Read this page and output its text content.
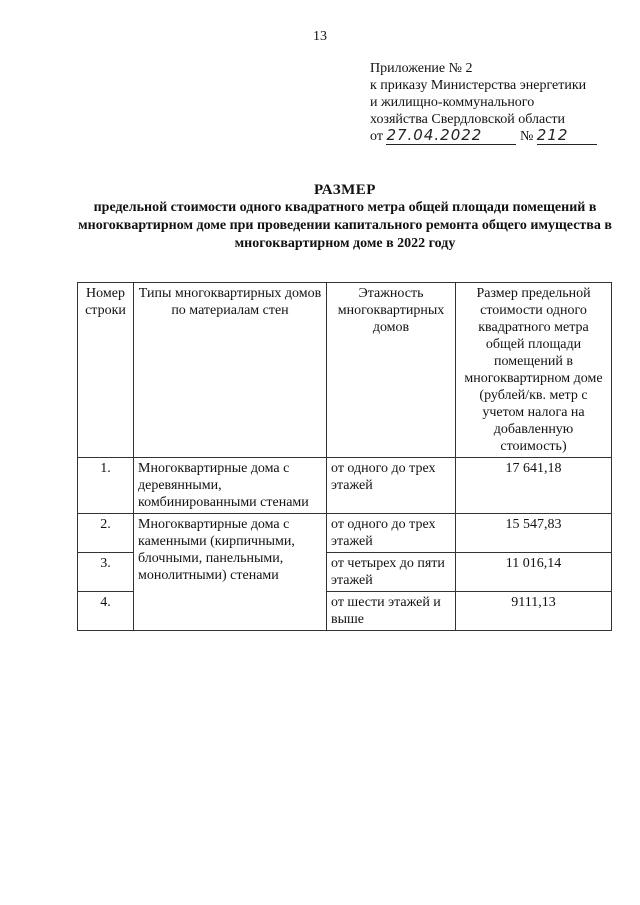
13
Приложение № 2
к приказу Министерства энергетики
и жилищно-коммунального
хозяйства Свердловской области
от 27.04.2022	№ 212
РАЗМЕР
предельной стоимости одного квадратного метра общей площади помещений в многоквартирном доме при проведении капитального ремонта общего имущества в многоквартирном доме в 2022 году
Номер строки	Типы многоквартирных домов по материалам стен	Этажность многоквартирных домов	Размер предельной стоимости одного квадратного метра общей площади помещений в многоквартирном доме (рублей/кв. метр с учетом налога на добавленную стоимость)
1.	Многоквартирные дома с деревянными, комбинированными стенами	от одного до трех этажей	17 641,18
2.	Многоквартирные дома с каменными (кирпичными, блочными, панельными, монолитными) стенами	от одного до трех этажей	15 547,83
3.		от четырех до пяти этажей	11 016,14
4.		от шести этажей и выше	9111,13
